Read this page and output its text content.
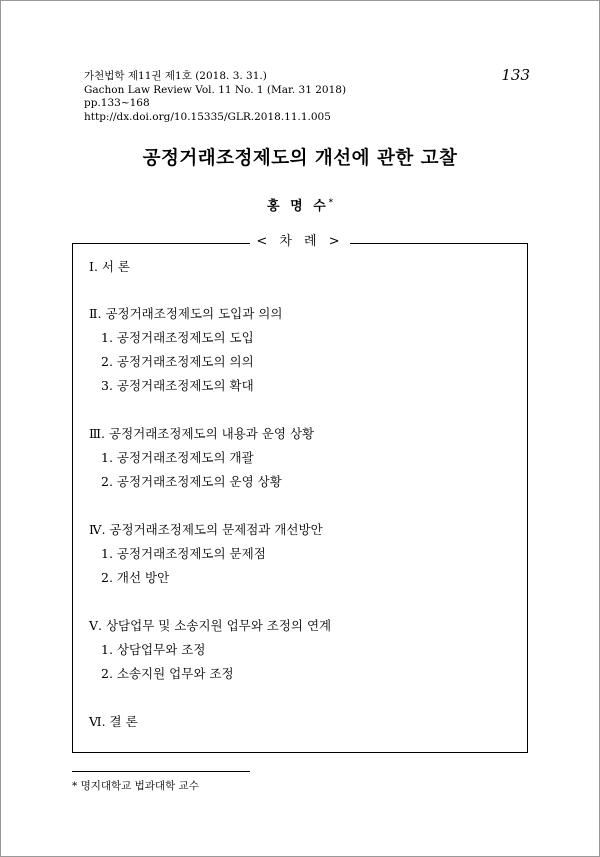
가천법학 제11권 제1호 (2018. 3. 31.)
Gachon Law Review Vol. 11 No. 1 (Mar. 31 2018)
pp.133~168
http://dx.doi.org/10.15335/GLR.2018.11.1.005
133
공정거래조정제도의 개선에 관한 고찰
홍 명 수*
< 차 례 >
Ⅰ. 서 론
Ⅱ. 공정거래조정제도의 도입과 의의
1. 공정거래조정제도의 도입
2. 공정거래조정제도의 의의
3. 공정거래조정제도의 확대
Ⅲ. 공정거래조정제도의 내용과 운영 상황
1. 공정거래조정제도의 개괄
2. 공정거래조정제도의 운영 상황
Ⅳ. 공정거래조정제도의 문제점과 개선방안
1. 공정거래조정제도의 문제점
2. 개선 방안
Ⅴ. 상담업무 및 소송지원 업무와 조정의 연계
1. 상담업무와 조정
2. 소송지원 업무와 조정
Ⅵ. 결 론
* 명지대학교 법과대학 교수
